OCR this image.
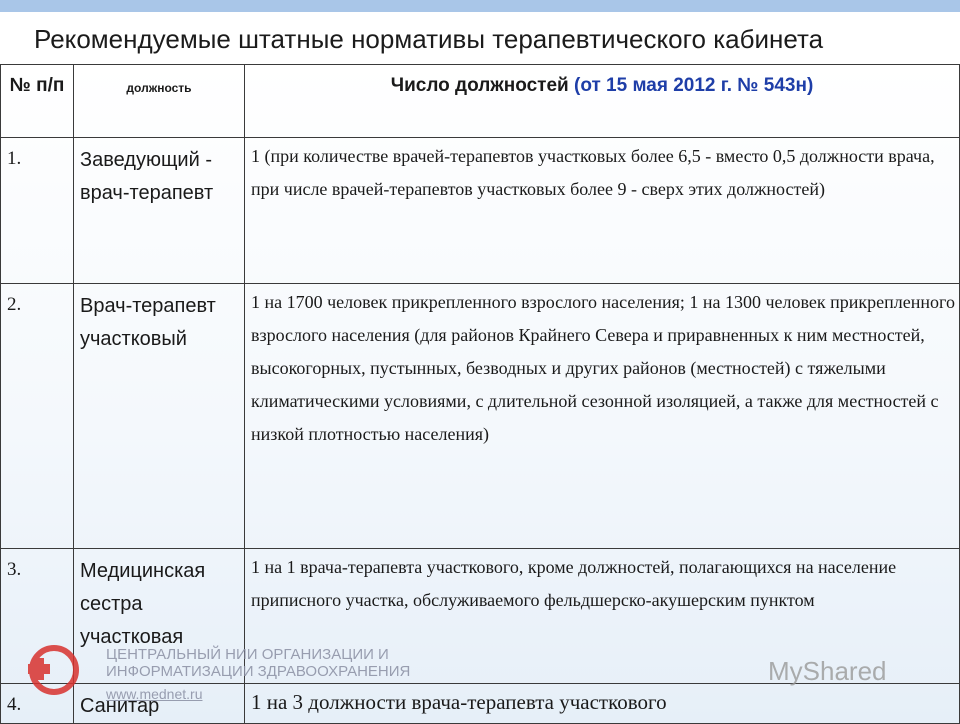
Рекомендуемые штатные нормативы терапевтического кабинета
№ п/п	должность	Число должностей (от 15 мая 2012 г. № 543н)
1.	Заведующий - врач-терапевт	1 (при количестве врачей-терапевтов участковых более 6,5 - вместо 0,5 должности врача, при числе врачей-терапевтов участковых более 9 - сверх этих должностей)
2.	Врач-терапевт участковый	1 на 1700 человек прикрепленного взрослого населения; 1 на 1300 человек прикрепленного взрослого населения (для районов Крайнего Севера и приравненных к ним местностей, высокогорных, пустынных, безводных и других районов (местностей) с тяжелыми климатическими условиями, с длительной сезонной изоляцией, а также для местностей с низкой плотностью населения)
3.	Медицинская сестра участковая	1 на 1 врача-терапевта участкового, кроме должностей, полагающихся на население приписного участка, обслуживаемого фельдшерско-акушерским пунктом
4.	Санитар	1 на 3 должности врача-терапевта участкового
ЦЕНТРАЛЬНЫЙ НИИ ОРГАНИЗАЦИИ И
ИНФОРМАТИЗАЦИИ ЗДРАВООХРАНЕНИЯ
www.mednet.ru
MyShared
